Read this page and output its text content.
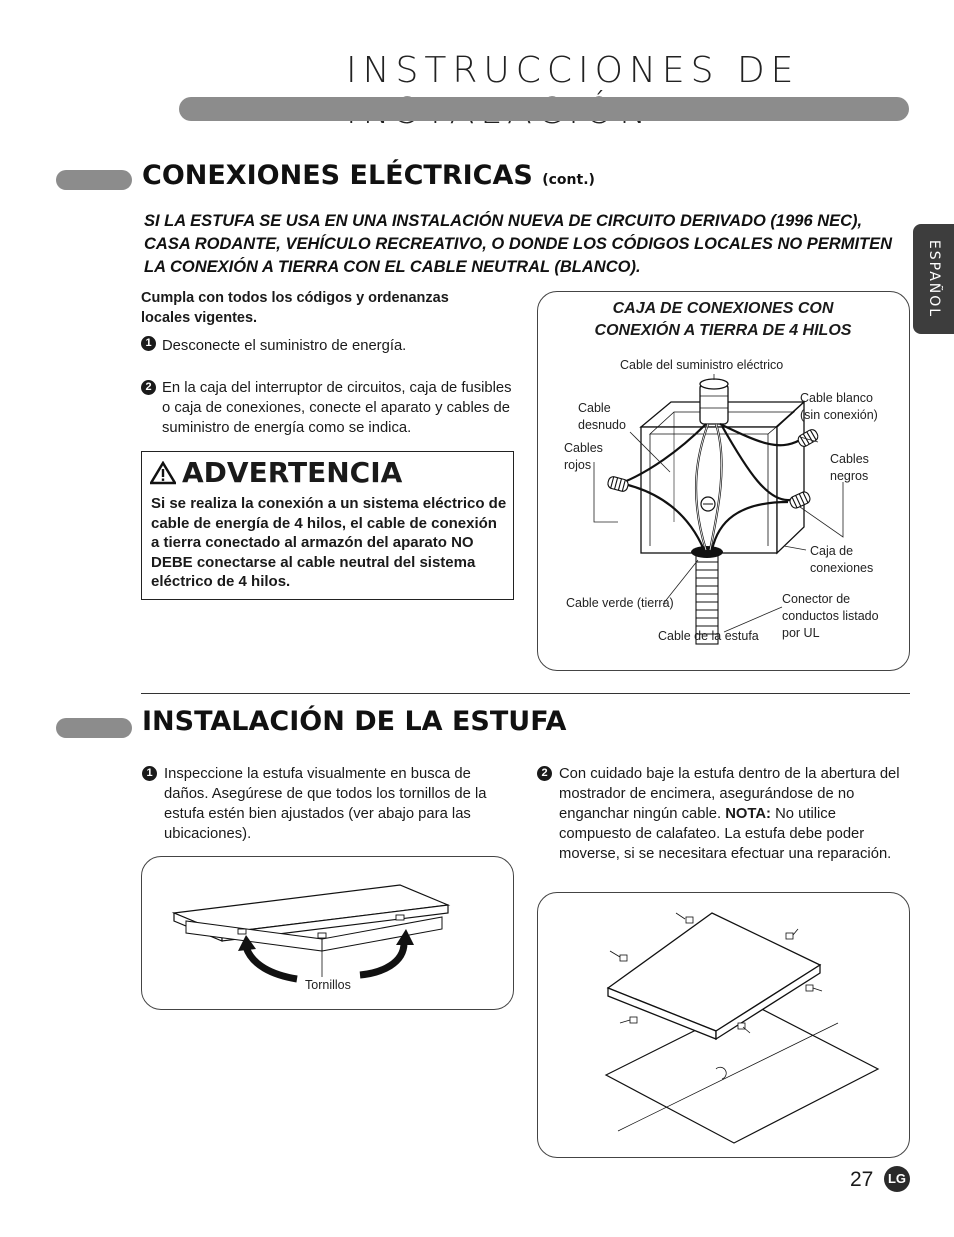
INSTRUCCIONES DE
ESPAÑOL
CONEXIONES ELÉCTRICAS (cont.)
SI LA ESTUFA SE USA EN UNA INSTALACIÓN NUEVA DE CIRCUITO DERIVADO (1996 NEC), CASA RODANTE, VEHÍCULO RECREATIVO, O DONDE LOS CÓDIGOS LOCALES NO PERMITEN LA CONEXIÓN A TIERRA CON EL CABLE NEUTRAL (BLANCO).
Cumpla con todos los códigos y ordenanzas locales vigentes.
1 Desconecte el suministro de energía.
2 En la caja del interruptor de circuitos, caja de fusibles o caja de conexiones, conecte el aparato y cables de suministro de energía como se indica.
ADVERTENCIA
Si se realiza la conexión a un sistema eléctrico de cable de energía de 4 hilos, el cable de conexión a tierra conectado al armazón del aparato NO DEBE conectarse al cable neutral del sistema eléctrico de 4 hilos.
CAJA DE CONEXIONES CON CONEXIÓN A TIERRA DE 4 HILOS
Cable del suministro eléctrico
Cable desnudo
Cable blanco (sin conexión)
Cables rojos	Cables negros
Caja de conexiones
Cable verde (tierra)	Conector de conductos listado por UL
Cable de la estufa
INSTALACIÓN DE LA ESTUFA
1 Inspeccione la estufa visualmente en busca de daños. Asegúrese de que todos los tornillos de la estufa estén bien ajustados (ver abajo para las ubicaciones).
2 Con cuidado baje la estufa dentro de la abertura del mostrador de encimera, asegurándose de no enganchar ningún cable. NOTA: No utilice compuesto de calafateo. La estufa debe poder moverse, si se necesitara efectuar una reparación.
Tornillos
27	LG
